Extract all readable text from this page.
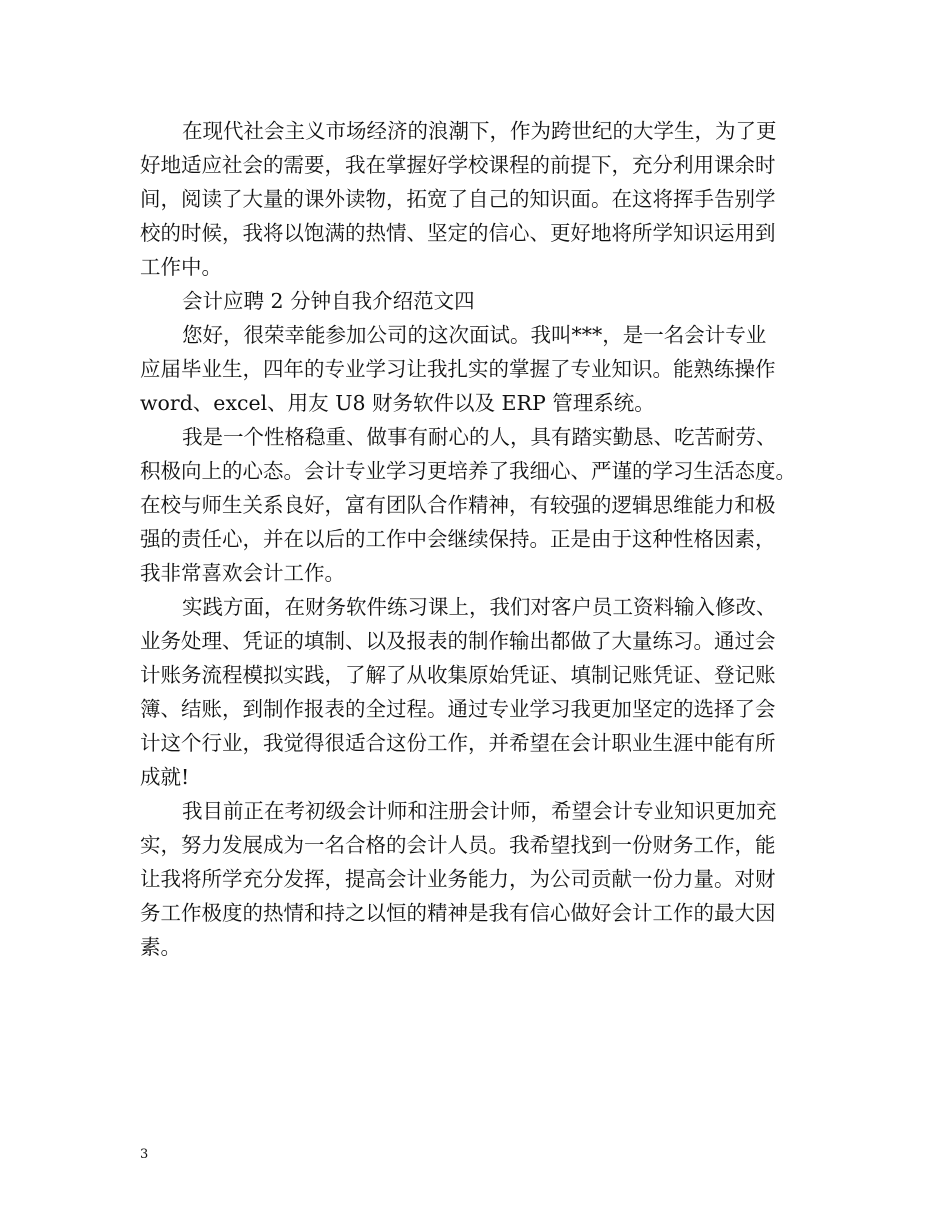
在现代社会主义市场经济的浪潮下，作为跨世纪的大学生，为了更
好地适应社会的需要，我在掌握好学校课程的前提下，充分利用课余时
间，阅读了大量的课外读物，拓宽了自己的知识面。在这将挥手告别学
校的时候，我将以饱满的热情、坚定的信心、更好地将所学知识运用到
工作中。
会计应聘 2 分钟自我介绍范文四
您好，很荣幸能参加公司的这次面试。我叫***，是一名会计专业
应届毕业生，四年的专业学习让我扎实的掌握了专业知识。能熟练操作
word、excel、用友 U8 财务软件以及 ERP 管理系统。
我是一个性格稳重、做事有耐心的人，具有踏实勤恳、吃苦耐劳、
积极向上的心态。会计专业学习更培养了我细心、严谨的学习生活态度。
在校与师生关系良好，富有团队合作精神，有较强的逻辑思维能力和极
强的责任心，并在以后的工作中会继续保持。正是由于这种性格因素，
我非常喜欢会计工作。
实践方面，在财务软件练习课上，我们对客户员工资料输入修改、
业务处理、凭证的填制、以及报表的制作输出都做了大量练习。通过会
计账务流程模拟实践，了解了从收集原始凭证、填制记账凭证、登记账
簿、结账，到制作报表的全过程。通过专业学习我更加坚定的选择了会
计这个行业，我觉得很适合这份工作，并希望在会计职业生涯中能有所
成就!
我目前正在考初级会计师和注册会计师，希望会计专业知识更加充
实，努力发展成为一名合格的会计人员。我希望找到一份财务工作，能
让我将所学充分发挥，提高会计业务能力，为公司贡献一份力量。对财
务工作极度的热情和持之以恒的精神是我有信心做好会计工作的最大因
素。
3
